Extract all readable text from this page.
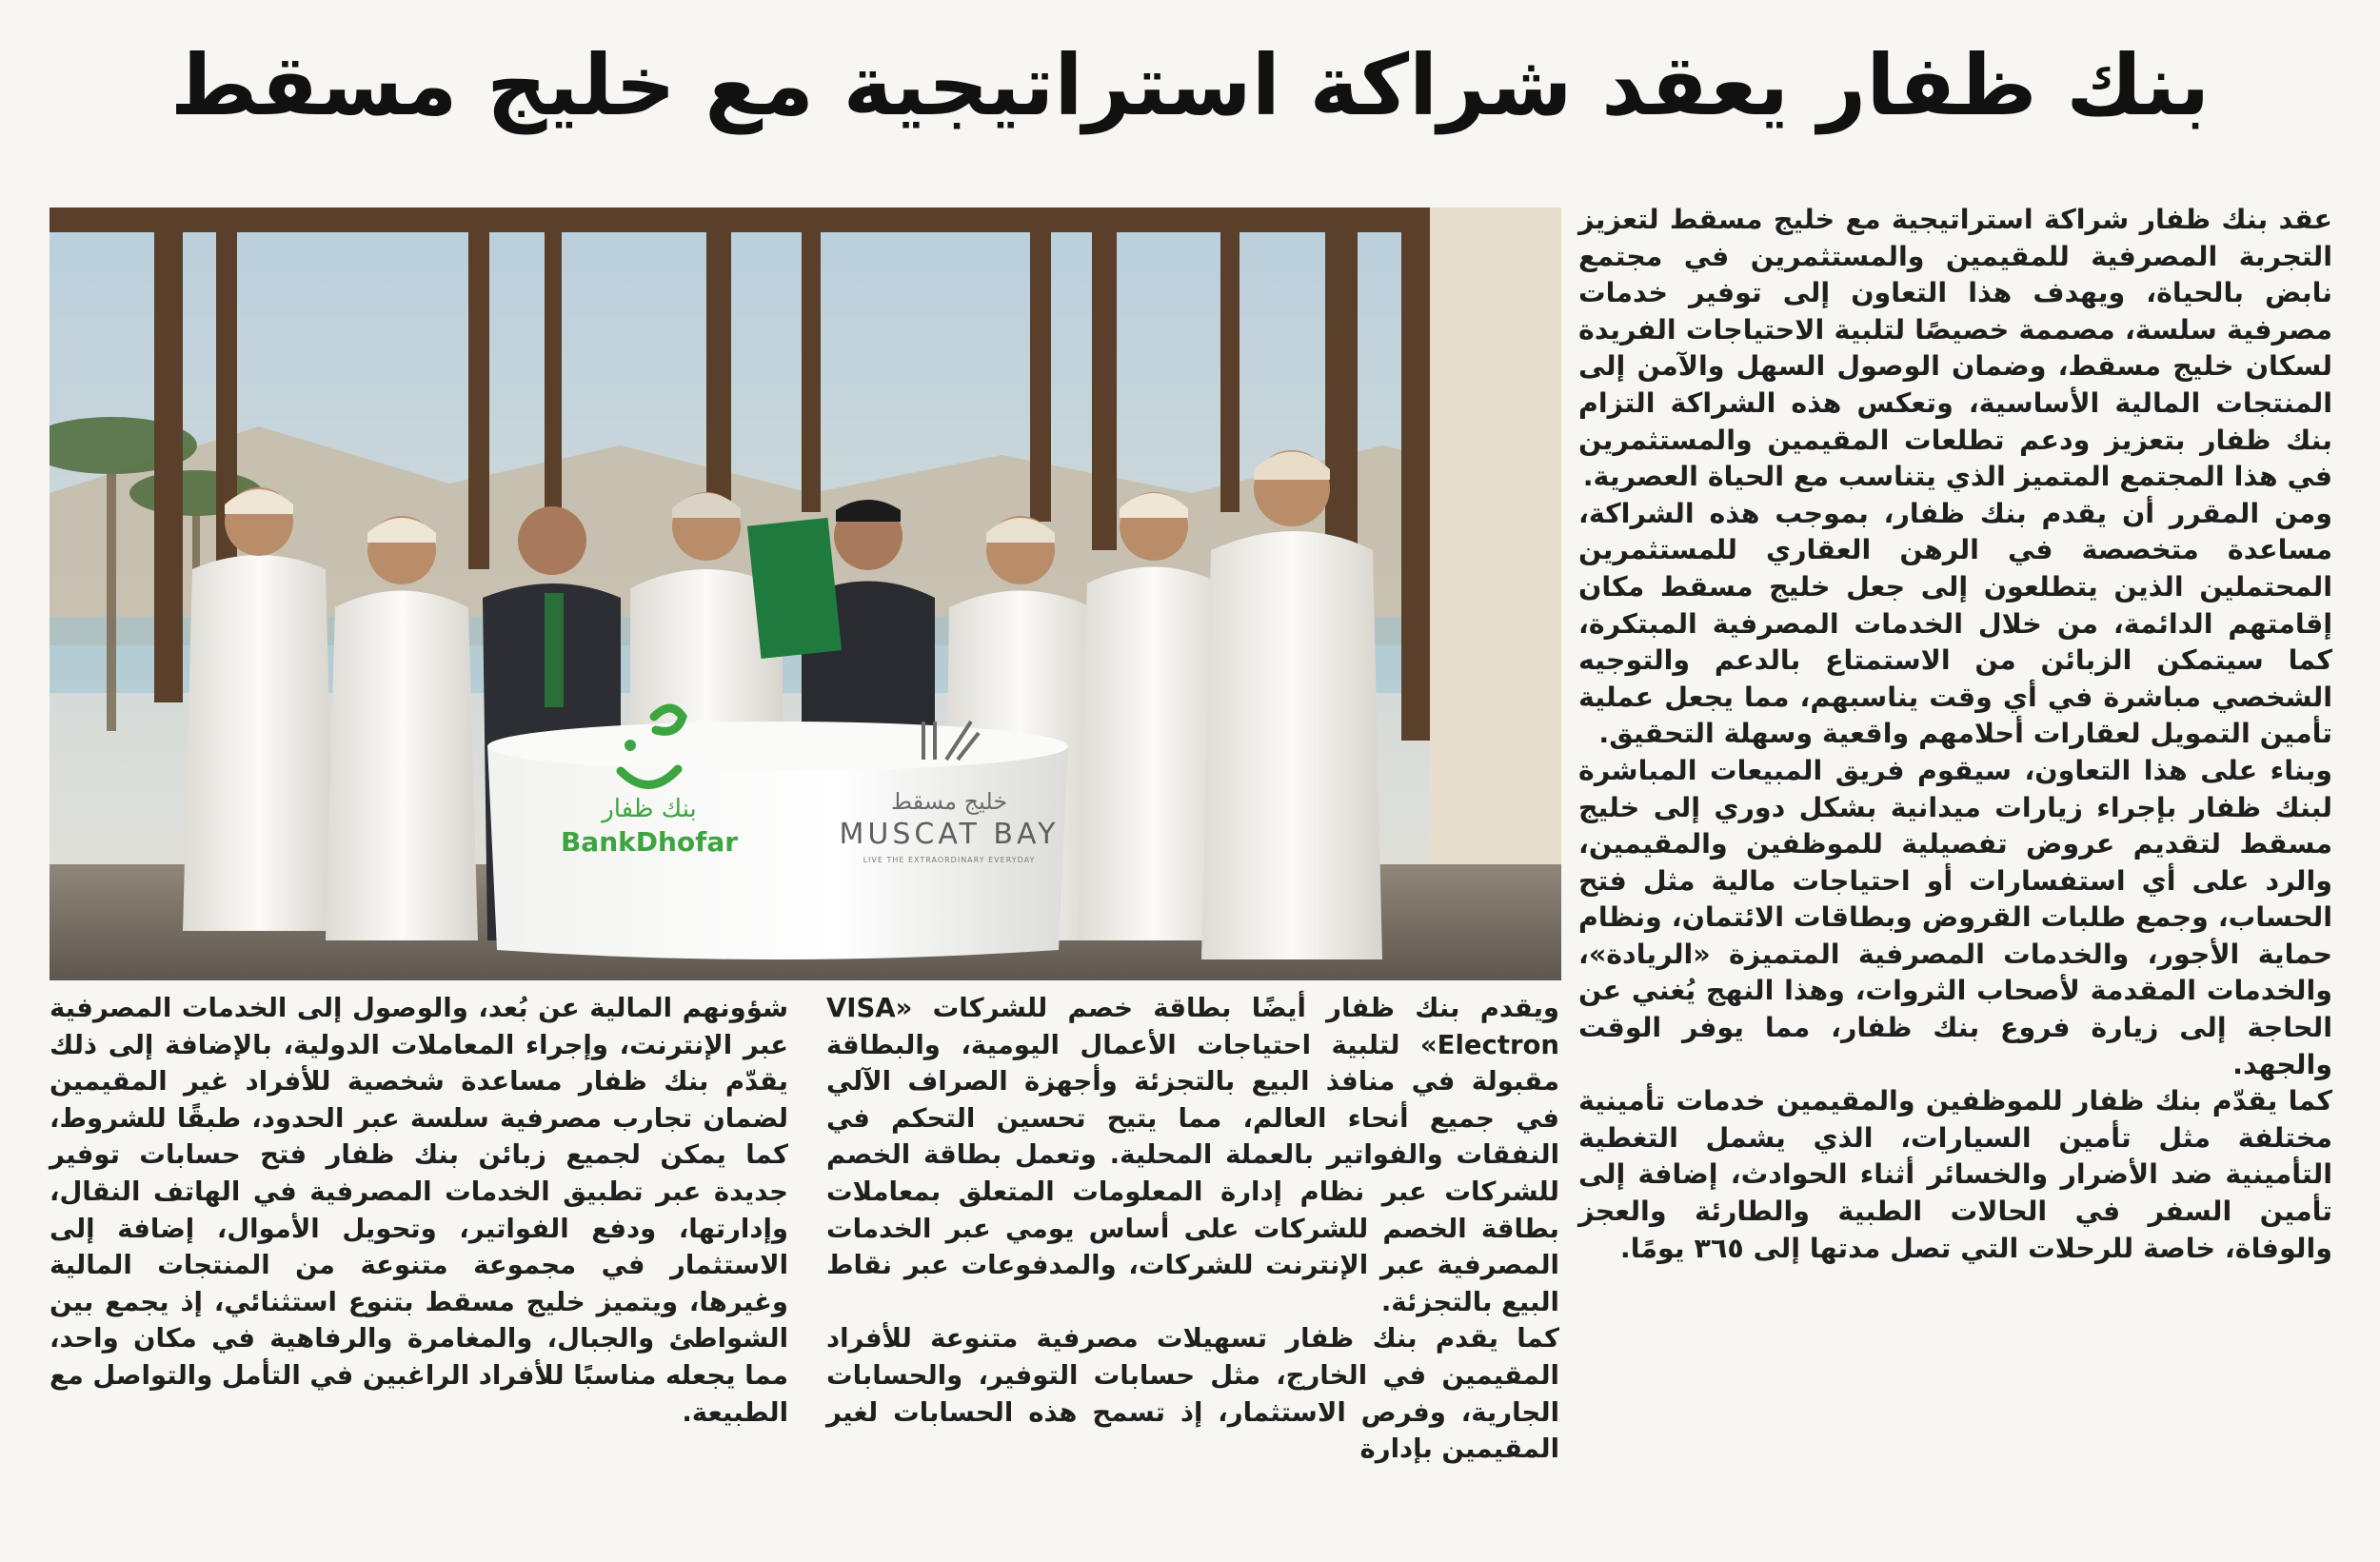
بنك ظفار يعقد شراكة استراتيجية مع خليج مسقط
بنك ظفار
BankDhofar
خليج مسقط
MUSCAT BAY
LIVE THE EXTRAORDINARY EVERYDAY

عقد بنك ظفار شراكة استراتيجية مع خليج مسقط لتعزيز التجربة المصرفية للمقيمين والمستثمرين في مجتمع نابض بالحياة، ويهدف هذا التعاون إلى توفير خدمات مصرفية سلسة، مصممة خصيصًا لتلبية الاحتياجات الفريدة لسكان خليج مسقط، وضمان الوصول السهل والآمن إلى المنتجات المالية الأساسية، وتعكس هذه الشراكة التزام بنك ظفار بتعزيز ودعم تطلعات المقيمين والمستثمرين في هذا المجتمع المتميز الذي يتناسب مع الحياة العصرية.

ومن المقرر أن يقدم بنك ظفار، بموجب هذه الشراكة، مساعدة متخصصة في الرهن العقاري للمستثمرين المحتملين الذين يتطلعون إلى جعل خليج مسقط مكان إقامتهم الدائمة، من خلال الخدمات المصرفية المبتكرة، كما سيتمكن الزبائن من الاستمتاع بالدعم والتوجيه الشخصي مباشرة في أي وقت يناسبهم، مما يجعل عملية تأمين التمويل لعقارات أحلامهم واقعية وسهلة التحقيق.

وبناء على هذا التعاون، سيقوم فريق المبيعات المباشرة لبنك ظفار بإجراء زيارات ميدانية بشكل دوري إلى خليج مسقط لتقديم عروض تفصيلية للموظفين والمقيمين، والرد على أي استفسارات أو احتياجات مالية مثل فتح الحساب، وجمع طلبات القروض وبطاقات الائتمان، ونظام حماية الأجور، والخدمات المصرفية المتميزة «الريادة»، والخدمات المقدمة لأصحاب الثروات، وهذا النهج يُغني عن الحاجة إلى زيارة فروع بنك ظفار، مما يوفر الوقت والجهد.

كما يقدّم بنك ظفار للموظفين والمقيمين خدمات تأمينية مختلفة مثل تأمين السيارات، الذي يشمل التغطية التأمينية ضد الأضرار والخسائر أثناء الحوادث، إضافة إلى تأمين السفر في الحالات الطبية والطارئة والعجز والوفاة، خاصة للرحلات التي تصل مدتها إلى ٣٦٥ يومًا.

ويقدم بنك ظفار أيضًا بطاقة خصم للشركات «VISA Electron» لتلبية احتياجات الأعمال اليومية، والبطاقة مقبولة في منافذ البيع بالتجزئة وأجهزة الصراف الآلي في جميع أنحاء العالم، مما يتيح تحسين التحكم في النفقات والفواتير بالعملة المحلية. وتعمل بطاقة الخصم للشركات عبر نظام إدارة المعلومات المتعلق بمعاملات بطاقة الخصم للشركات على أساس يومي عبر الخدمات المصرفية عبر الإنترنت للشركات، والمدفوعات عبر نقاط البيع بالتجزئة.

كما يقدم بنك ظفار تسهيلات مصرفية متنوعة للأفراد المقيمين في الخارج، مثل حسابات التوفير، والحسابات الجارية، وفرص الاستثمار، إذ تسمح هذه الحسابات لغير المقيمين بإدارة

شؤونهم المالية عن بُعد، والوصول إلى الخدمات المصرفية عبر الإنترنت، وإجراء المعاملات الدولية، بالإضافة إلى ذلك يقدّم بنك ظفار مساعدة شخصية للأفراد غير المقيمين لضمان تجارب مصرفية سلسة عبر الحدود، طبقًا للشروط، كما يمكن لجميع زبائن بنك ظفار فتح حسابات توفير جديدة عبر تطبيق الخدمات المصرفية في الهاتف النقال، وإدارتها، ودفع الفواتير، وتحويل الأموال، إضافة إلى الاستثمار في مجموعة متنوعة من المنتجات المالية وغيرها، ويتميز خليج مسقط بتنوع استثنائي، إذ يجمع بين الشواطئ والجبال، والمغامرة والرفاهية في مكان واحد، مما يجعله مناسبًا للأفراد الراغبين في التأمل والتواصل مع الطبيعة.
